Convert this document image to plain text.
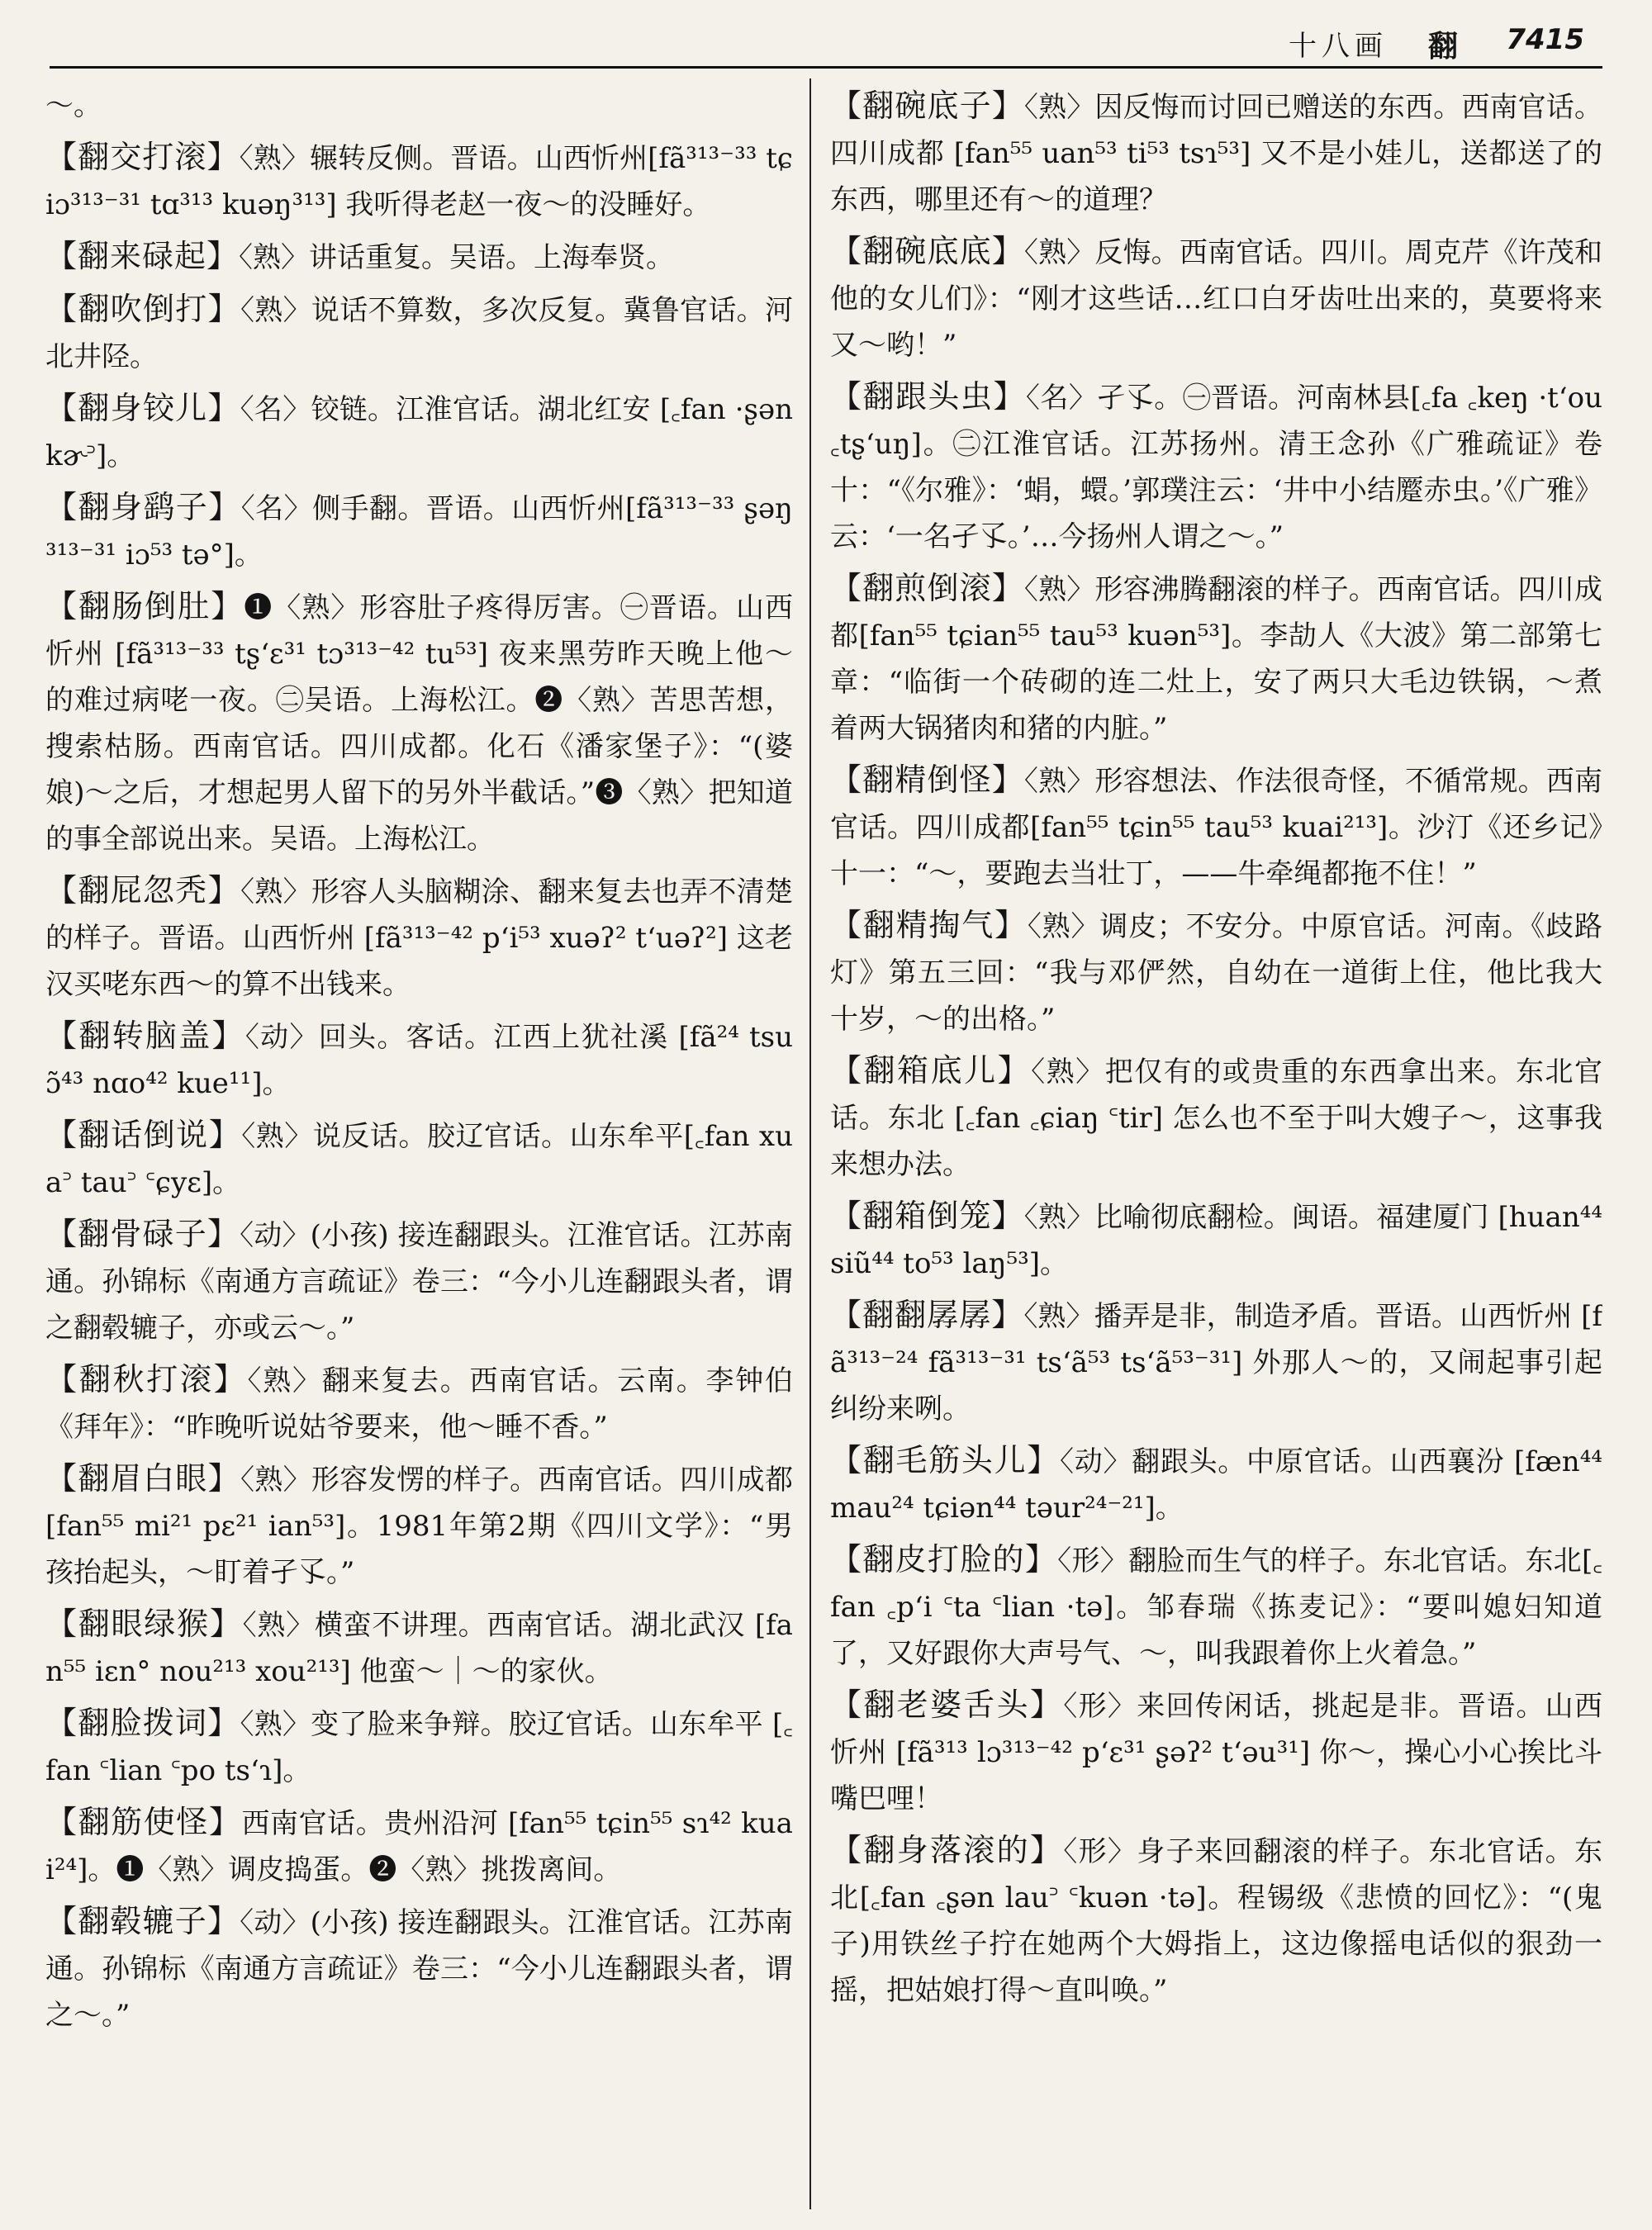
十八画 翻 7415
～。
【 翻交打滚 】 〈熟〉辗转反侧。晋语。山西忻州[fã³¹³⁻³³ tɕiɔ³¹³⁻³¹ tɑ³¹³ kuəŋ³¹³] 我听得老赵一夜～的没睡好。
【 翻来碌起 】 〈熟〉讲话重复。吴语。上海奉贤。
【 翻吹倒打 】 〈熟〉说话不算数，多次反复。冀鲁官话。河北井陉。
【 翻身铰儿 】 〈名〉铰链。江淮官话。湖北红安 [꜀fan ·ʂən kɚ꜄]。
【 翻身鹞子 】 〈名〉侧手翻。晋语。山西忻州[fã³¹³⁻³³ ʂəŋ³¹³⁻³¹ iɔ⁵³ tə°]。
【 翻肠倒肚 】 ❶〈熟〉形容肚子疼得厉害。㊀晋语。山西忻州 [fã³¹³⁻³³ tʂ‘ɛ³¹ tɔ³¹³⁻⁴² tu⁵³] 夜来黑劳昨天晚上他～的难过病咾一夜。㊁吴语。上海松江。❷〈熟〉苦思苦想，搜索枯肠。西南官话。四川成都。化石《潘家堡子》：“(婆娘)～之后，才想起男人留下的另外半截话。”❸〈熟〉把知道的事全部说出来。吴语。上海松江。
【 翻屁忽秃 】 〈熟〉形容人头脑糊涂、翻来复去也弄不清楚的样子。晋语。山西忻州 [fã³¹³⁻⁴² p‘i⁵³ xuəʔ² t‘uəʔ²] 这老汉买咾东西～的算不出钱来。
【 翻转脑盖 】 〈动〉回头。客话。江西上犹社溪 [fã²⁴ tsuɔ̃⁴³ nɑo⁴² kue¹¹]。
【 翻话倒说 】 〈熟〉说反话。胶辽官话。山东牟平[꜀fan xua꜄ tau꜄ ꜂ɕyɛ]。
【 翻骨碌子 】 〈动〉(小孩) 接连翻跟头。江淮官话。江苏南通。孙锦标《南通方言疏证》卷三：“今小儿连翻跟头者，谓之翻毂辘子，亦或云～。”
【 翻秋打滚 】 〈熟〉翻来复去。西南官话。云南。李钟伯《拜年》：“昨晚听说姑爷要来，他～睡不香。”
【 翻眉白眼 】 〈熟〉形容发愣的样子。西南官话。四川成都 [fan⁵⁵ mi²¹ pɛ²¹ ian⁵³]。1981年第2期《四川文学》：“男孩抬起头，～盯着孑孓。”
【 翻眼绿猴 】 〈熟〉横蛮不讲理。西南官话。湖北武汉 [fan⁵⁵ iɛn° nou²¹³ xou²¹³] 他蛮～｜～的家伙。
【 翻脸拨词 】 〈熟〉变了脸来争辩。胶辽官话。山东牟平 [꜀fan ꜂lian ꜂po tsʻɿ]。
【 翻筋使怪 】 西南官话。贵州沿河 [fan⁵⁵ tɕin⁵⁵ sɿ⁴² kuai²⁴]。❶〈熟〉调皮捣蛋。❷〈熟〉挑拨离间。
【 翻毂辘子 】 〈动〉(小孩) 接连翻跟头。江淮官话。江苏南通。孙锦标《南通方言疏证》卷三：“今小儿连翻跟头者，谓之～。”
【 翻碗底子 】 〈熟〉因反悔而讨回已赠送的东西。西南官话。四川成都 [fan⁵⁵ uan⁵³ ti⁵³ tsɿ⁵³] 又不是小娃儿，送都送了的东西，哪里还有～的道理？
【 翻碗底底 】 〈熟〉反悔。西南官话。四川。周克芹《许茂和他的女儿们》：“刚才这些话…红口白牙齿吐出来的，莫要将来又～哟！”
【 翻跟头虫 】 〈名〉孑孓。㊀晋语。河南林县[꜀fa ꜀keŋ ·t‘ou ꜀tʂ‘uŋ]。㊁江淮官话。江苏扬州。清王念孙《广雅疏证》卷十：“《尔雅》：‘蜎，蠉。’郭璞注云：‘井中小结蹷赤虫。’《广雅》云：‘一名孑孓。’…今扬州人谓之～。”
【 翻煎倒滚 】 〈熟〉形容沸腾翻滚的样子。西南官话。四川成都[fan⁵⁵ tɕian⁵⁵ tau⁵³ kuən⁵³]。李劼人《大波》第二部第七章：“临街一个砖砌的连二灶上，安了两只大毛边铁锅，～煮着两大锅猪肉和猪的内脏。”
【 翻精倒怪 】 〈熟〉形容想法、作法很奇怪，不循常规。西南官话。四川成都[fan⁵⁵ tɕin⁵⁵ tau⁵³ kuai²¹³]。沙汀《还乡记》十一：“～，要跑去当壮丁，——牛牵绳都拖不住！”
【 翻精掏气 】 〈熟〉调皮；不安分。中原官话。河南。《歧路灯》第五三回：“我与邓俨然，自幼在一道街上住，他比我大十岁，～的出格。”
【 翻箱底儿 】 〈熟〉把仅有的或贵重的东西拿出来。东北官话。东北 [꜀fan ꜀ɕiaŋ ꜂tir] 怎么也不至于叫大嫂子～，这事我来想办法。
【 翻箱倒笼 】 〈熟〉比喻彻底翻检。闽语。福建厦门 [huan⁴⁴ siũ⁴⁴ to⁵³ laŋ⁵³]。
【 翻翻孱孱 】 〈熟〉播弄是非，制造矛盾。晋语。山西忻州 [fã³¹³⁻²⁴ fã³¹³⁻³¹ ts‘ã⁵³ ts‘ã⁵³⁻³¹] 外那人～的，又闹起事引起纠纷来咧。
【 翻毛筋头儿 】 〈动〉翻跟头。中原官话。山西襄汾 [fæn⁴⁴ mau²⁴ tɕiən⁴⁴ təur²⁴⁻²¹]。
【 翻皮打脸的 】 〈形〉翻脸而生气的样子。东北官话。东北[꜀fan ꜀p‘i ꜂ta ꜂lian ·tə]。邹春瑞《拣麦记》：“要叫媳妇知道了，又好跟你大声号气、～，叫我跟着你上火着急。”
【 翻老婆舌头 】 〈形〉来回传闲话，挑起是非。晋语。山西忻州 [fã³¹³ lɔ³¹³⁻⁴² p‘ɛ³¹ ʂəʔ² t‘əu³¹] 你～，操心小心挨比斗嘴巴哩！
【 翻身落滚的 】 〈形〉身子来回翻滚的样子。东北官话。东北[꜀fan ꜀ʂən lau꜄ ꜂kuən ·tə]。程锡级《悲愤的回忆》：“(鬼子)用铁丝子拧在她两个大姆指上，这边像摇电话似的狠劲一摇，把姑娘打得～直叫唤。”
